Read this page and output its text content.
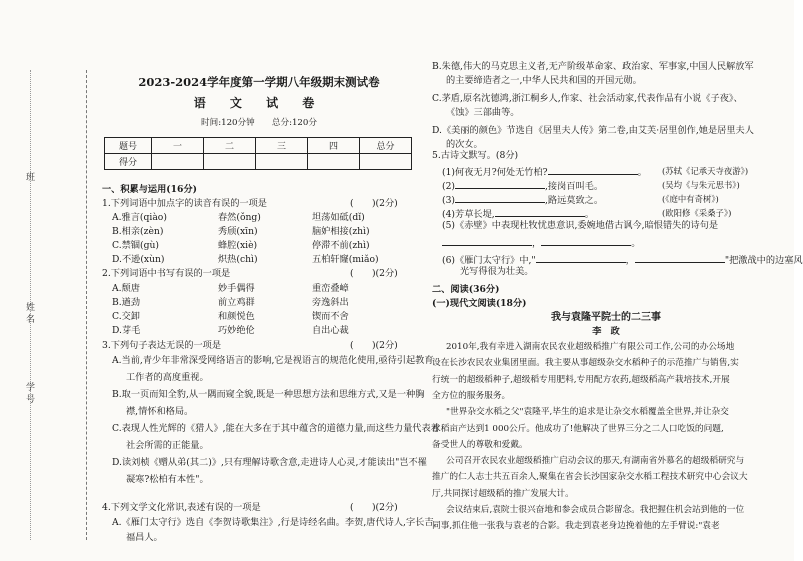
班
姓
名
学
号
2023-2024学年度第一学期八年级期末测试卷
语 文 试 卷
时间:120分钟　　总分:120分
题号	一	二	三	四	总分
得分					
一、积累与运用(16分)
1.下列词语中加点字的读音有误的一项是	(　　)(2分)
A.雅言(qiào)	春然(ǒng)	坦荡如砥(dǐ)
B.相亲(zèn)	秀颀(xīn)	脑妒相接(zhì)
C.禁锢(gù)	蜂腔(xiè)	停滞不前(zhì)
D.不逊(xùn)	炽热(chì)	五柏轩窿(miǎo)
2.下列词语中书写有误的一项是	(　　)(2分)
A.颓唐	妙手偶得	重峦叠嶂
B.遒劲	前立鸡群	旁逸斜出
C.交卸	和颜悦色	锲而不舍
D.芽毛	巧妙绝伦	自出心裁
3.下列句子表达无误的一项是	(　　)(2分)
A.当前,青少年非常深受网络语言的影响,它是视语言的规范化使用,亟待引起教育
工作者的高度重视。
B.取一页而知全豹,从一隅而窥全貌,既是一种思想方法和思维方式,又是一种胸
襟,情怀和格局。
C.表现人性光辉的《猎人》,能在大多在于其中蕴含的道德力量,而这些力量代表着
社会所需的正能量。
D.读刘桢《赠从弟(其二)》,只有理解诗歌含意,走进诗人心灵,才能读出"岂不罹
凝寒?松柏有本性"。
4.下列文学文化常识,表述有误的一项是	(　　)(2分)
A.《雁门太守行》选自《李贺诗歌集注》,行是诗经名曲。李贺,唐代诗人,字长吉,
福昌人。
B.朱德,伟大的马克思主义者,无产阶级革命家、政治家、军事家,中国人民解放军
的主要缔造者之一,中华人民共和国的开国元勋。
C.茅盾,原名沈德鸿,浙江桐乡人,作家、社会活动家,代表作品有小说《子夜》、
《蚀》三部曲等。
D.《美丽的颜色》节选自《居里夫人传》第二卷,由艾芙·居里创作,她是居里夫人
的次女。
5.古诗文默写。(8分)
(1)何夜无月?何处无竹柏?	。 (苏轼《记承天寺夜游》)
(2)	,接岗百叫毛。	(吴均《与朱元思书》)
(3)	,路远莫致之。	(《庭中有奇树》)
(4)芳草长堤,	。	(欧阳修《采桑子》)
(5)《赤壁》中表现杜牧忧患意识,委婉地借古讽今,暗恨错失的诗句是
，	。
(6)《雁门太守行》中,"	，	"把激战中的边塞风
光写得很为壮美。
二、阅读(36分)
(一)现代文阅读(18分)
我与袁隆平院士的二三事
李　政
2010年,我有幸进入湖南农民农业超级稻推广有限公司工作,公司的办公场地
设在长沙农民农业集团里面。我主要从事超级杂交水稻种子的示范推广与销售,实
行统一的超级稻种子,超级稻专用肥料,专用配方农药,超级稻高产栽培技术,开展
全方位的服务服务。
"世界杂交水稻之父"袁隆平,毕生的追求是让杂交水稻覆盖全世界,并让杂交
水稻亩产达到1 000公斤。他成功了!他解决了世界三分之二人口吃饭的问题,
备受世人的尊敬和爱戴。
公司召开农民农业超级稻推广启动会议的那天,有湖南省外慕名的超级稻研究与
推广的仁人志士共五百余人,聚集在省会长沙国家杂交水稻工程技术研究中心会议大
厅,共同探讨超级稻的推广发展大计。
会议结束后,袁院士很兴奋地和参会成员合影留念。我把握住机会站到他的一位
同事,抓住他一张我与袁老的合影。我走到袁老身边挽着他的左手臂说:"袁老
